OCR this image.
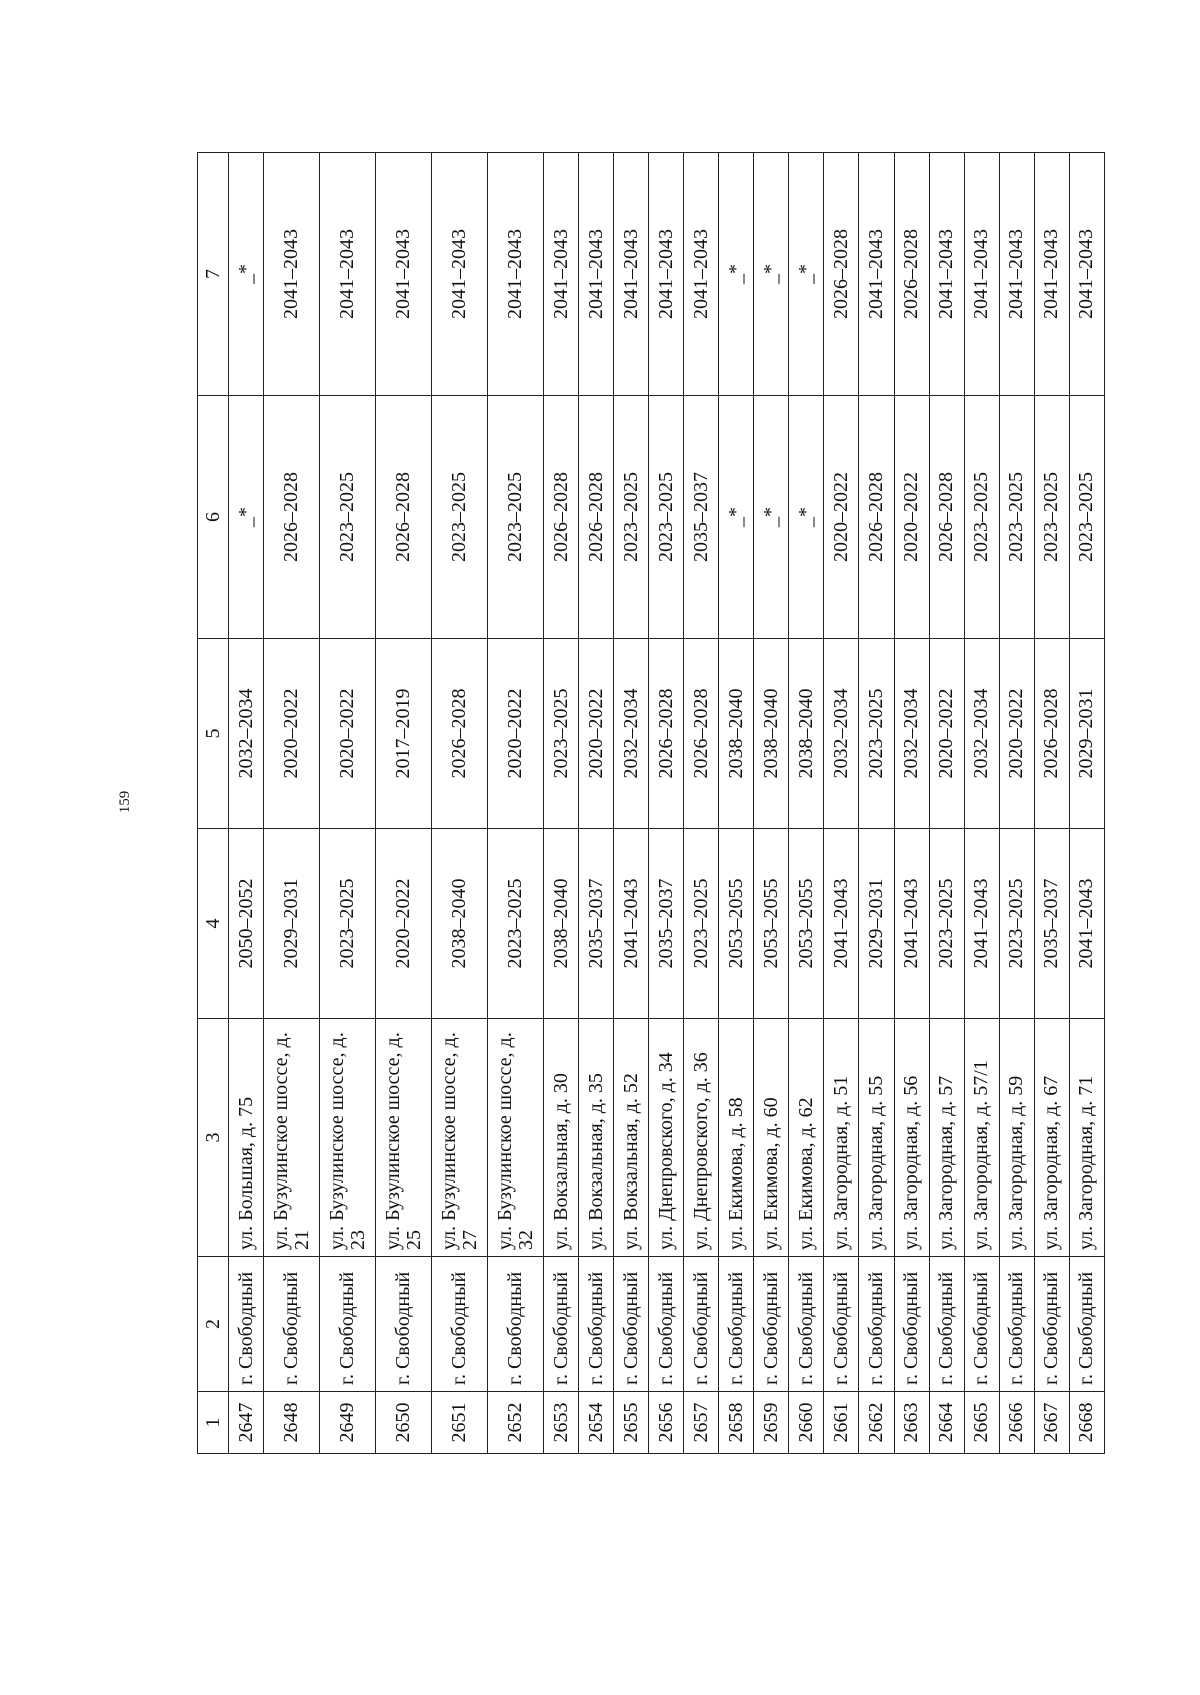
159
1	2	3	4	5	6	7
2647	г. Свободный	ул. Большая, д. 75	2050–2052	2032–2034	_*	_*
2648	г. Свободный	ул. Бузулинское шоссе, д. 21	2029–2031	2020–2022	2026–2028	2041–2043
2649	г. Свободный	ул. Бузулинское шоссе, д. 23	2023–2025	2020–2022	2023–2025	2041–2043
2650	г. Свободный	ул. Бузулинское шоссе, д. 25	2020–2022	2017–2019	2026–2028	2041–2043
2651	г. Свободный	ул. Бузулинское шоссе, д. 27	2038–2040	2026–2028	2023–2025	2041–2043
2652	г. Свободный	ул. Бузулинское шоссе, д. 32	2023–2025	2020–2022	2023–2025	2041–2043
2653	г. Свободный	ул. Вокзальная, д. 30	2038–2040	2023–2025	2026–2028	2041–2043
2654	г. Свободный	ул. Вокзальная, д. 35	2035–2037	2020–2022	2026–2028	2041–2043
2655	г. Свободный	ул. Вокзальная, д. 52	2041–2043	2032–2034	2023–2025	2041–2043
2656	г. Свободный	ул. Днепровского, д. 34	2035–2037	2026–2028	2023–2025	2041–2043
2657	г. Свободный	ул. Днепровского, д. 36	2023–2025	2026–2028	2035–2037	2041–2043
2658	г. Свободный	ул. Екимова, д. 58	2053–2055	2038–2040	_*	_*
2659	г. Свободный	ул. Екимова, д. 60	2053–2055	2038–2040	_*	_*
2660	г. Свободный	ул. Екимова, д. 62	2053–2055	2038–2040	_*	_*
2661	г. Свободный	ул. Загородная, д. 51	2041–2043	2032–2034	2020–2022	2026–2028
2662	г. Свободный	ул. Загородная, д. 55	2029–2031	2023–2025	2026–2028	2041–2043
2663	г. Свободный	ул. Загородная, д. 56	2041–2043	2032–2034	2020–2022	2026–2028
2664	г. Свободный	ул. Загородная, д. 57	2023–2025	2020–2022	2026–2028	2041–2043
2665	г. Свободный	ул. Загородная, д. 57/1	2041–2043	2032–2034	2023–2025	2041–2043
2666	г. Свободный	ул. Загородная, д. 59	2023–2025	2020–2022	2023–2025	2041–2043
2667	г. Свободный	ул. Загородная, д. 67	2035–2037	2026–2028	2023–2025	2041–2043
2668	г. Свободный	ул. Загородная, д. 71	2041–2043	2029–2031	2023–2025	2041–2043
